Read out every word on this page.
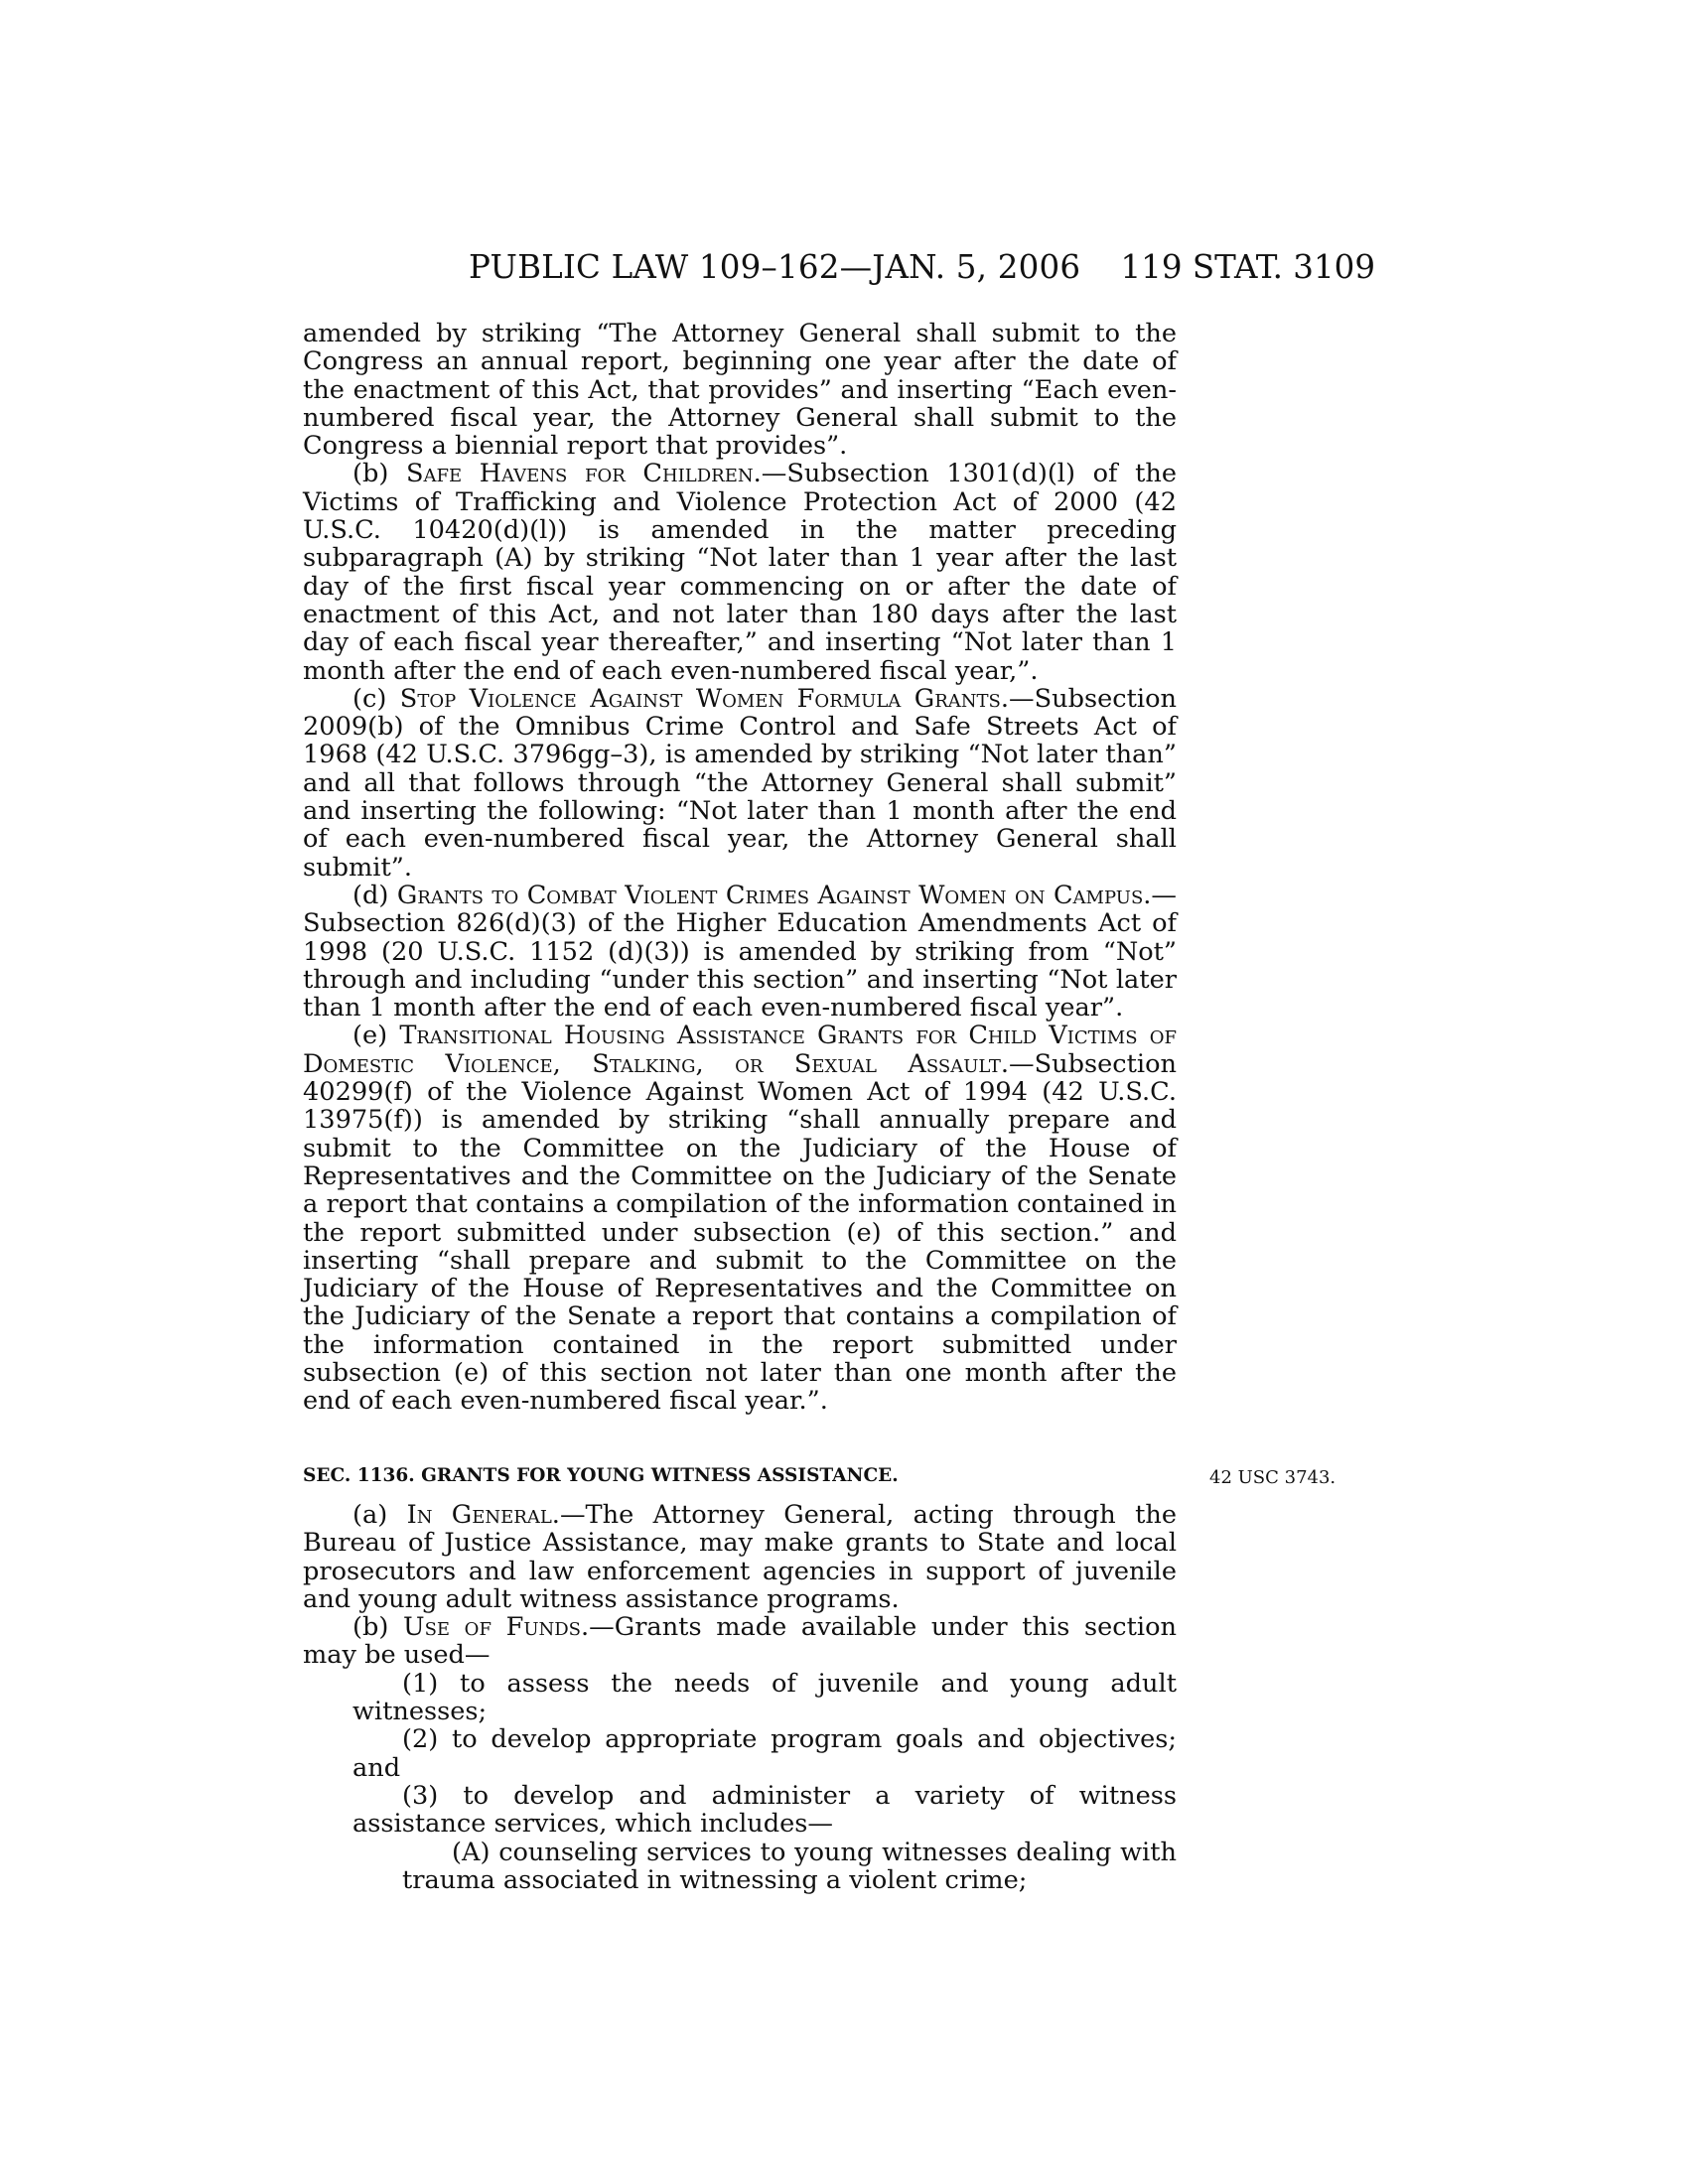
PUBLIC LAW 109–162—JAN. 5, 2006 119 STAT. 3109

amended by striking “The Attorney General shall submit to the Congress an annual report, beginning one year after the date of the enactment of this Act, that provides” and inserting “Each even-numbered fiscal year, the Attorney General shall submit to the Congress a biennial report that provides”.

(b) Safe Havens for Children.—Subsection 1301(d)(l) of the Victims of Trafficking and Violence Protection Act of 2000 (42 U.S.C. 10420(d)(l)) is amended in the matter preceding subparagraph (A) by striking “Not later than 1 year after the last day of the first fiscal year commencing on or after the date of enactment of this Act, and not later than 180 days after the last day of each fiscal year thereafter,” and inserting “Not later than 1 month after the end of each even-numbered fiscal year,”.

(c) Stop Violence Against Women Formula Grants.—Subsection 2009(b) of the Omnibus Crime Control and Safe Streets Act of 1968 (42 U.S.C. 3796gg–3), is amended by striking “Not later than” and all that follows through “the Attorney General shall submit” and inserting the following: “Not later than 1 month after the end of each even-numbered fiscal year, the Attorney General shall submit”.

(d) Grants to Combat Violent Crimes Against Women on Campus.—Subsection 826(d)(3) of the Higher Education Amendments Act of 1998 (20 U.S.C. 1152 (d)(3)) is amended by striking from “Not” through and including “under this section” and inserting “Not later than 1 month after the end of each even-numbered fiscal year”.

(e) Transitional Housing Assistance Grants for Child Victims of Domestic Violence, Stalking, or Sexual Assault.—Subsection 40299(f) of the Violence Against Women Act of 1994 (42 U.S.C. 13975(f)) is amended by striking “shall annually prepare and submit to the Committee on the Judiciary of the House of Representatives and the Committee on the Judiciary of the Senate a report that contains a compilation of the information contained in the report submitted under subsection (e) of this section.” and inserting “shall prepare and submit to the Committee on the Judiciary of the House of Representatives and the Committee on the Judiciary of the Senate a report that contains a compilation of the information contained in the report submitted under subsection (e) of this section not later than one month after the end of each even-numbered fiscal year.”.

SEC. 1136. GRANTS FOR YOUNG WITNESS ASSISTANCE.	42 USC 3743.

(a) In General.—The Attorney General, acting through the Bureau of Justice Assistance, may make grants to State and local prosecutors and law enforcement agencies in support of juvenile and young adult witness assistance programs.

(b) Use of Funds.—Grants made available under this section may be used—

(1) to assess the needs of juvenile and young adult witnesses;

(2) to develop appropriate program goals and objectives; and

(3) to develop and administer a variety of witness assistance services, which includes—

(A) counseling services to young witnesses dealing with trauma associated in witnessing a violent crime;
